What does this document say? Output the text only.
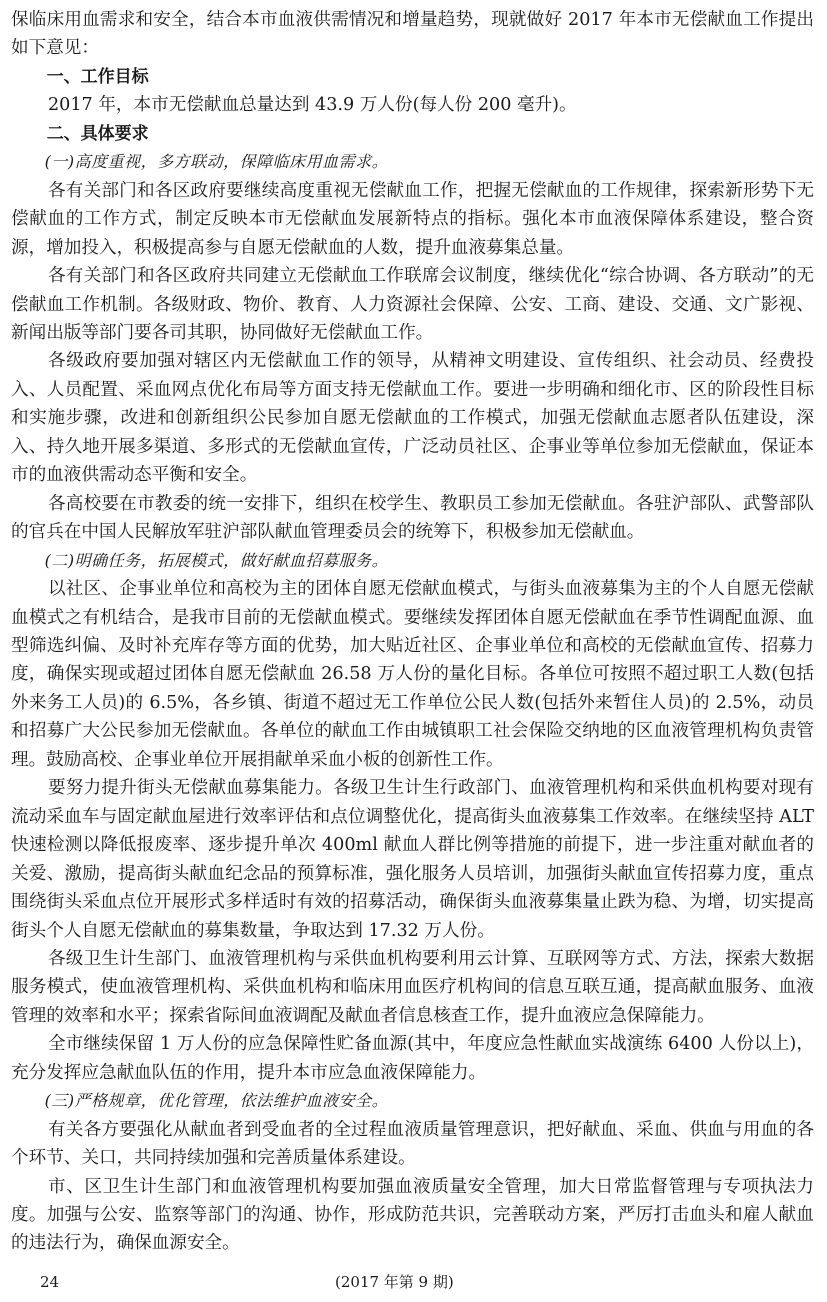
保临床用血需求和安全，结合本市血液供需情况和增量趋势，现就做好 2017 年本市无偿献血工作提出如下意见：

一、工作目标

2017 年，本市无偿献血总量达到 43.9 万人份(每人份 200 毫升)。

二、具体要求

(一)高度重视，多方联动，保障临床用血需求。

各有关部门和各区政府要继续高度重视无偿献血工作，把握无偿献血的工作规律，探索新形势下无偿献血的工作方式，制定反映本市无偿献血发展新特点的指标。强化本市血液保障体系建设，整合资源，增加投入，积极提高参与自愿无偿献血的人数，提升血液募集总量。

各有关部门和各区政府共同建立无偿献血工作联席会议制度，继续优化“综合协调、各方联动”的无偿献血工作机制。各级财政、物价、教育、人力资源社会保障、公安、工商、建设、交通、文广影视、新闻出版等部门要各司其职，协同做好无偿献血工作。

各级政府要加强对辖区内无偿献血工作的领导，从精神文明建设、宣传组织、社会动员、经费投入、人员配置、采血网点优化布局等方面支持无偿献血工作。要进一步明确和细化市、区的阶段性目标和实施步骤，改进和创新组织公民参加自愿无偿献血的工作模式，加强无偿献血志愿者队伍建设，深入、持久地开展多渠道、多形式的无偿献血宣传，广泛动员社区、企事业等单位参加无偿献血，保证本市的血液供需动态平衡和安全。

各高校要在市教委的统一安排下，组织在校学生、教职员工参加无偿献血。各驻沪部队、武警部队的官兵在中国人民解放军驻沪部队献血管理委员会的统筹下，积极参加无偿献血。

(二)明确任务，拓展模式，做好献血招募服务。

以社区、企事业单位和高校为主的团体自愿无偿献血模式，与街头血液募集为主的个人自愿无偿献血模式之有机结合，是我市目前的无偿献血模式。要继续发挥团体自愿无偿献血在季节性调配血源、血型筛选纠偏、及时补充库存等方面的优势，加大贴近社区、企事业单位和高校的无偿献血宣传、招募力度，确保实现或超过团体自愿无偿献血 26.58 万人份的量化目标。各单位可按照不超过职工人数(包括外来务工人员)的 6.5%，各乡镇、街道不超过无工作单位公民人数(包括外来暂住人员)的 2.5%，动员和招募广大公民参加无偿献血。各单位的献血工作由城镇职工社会保险交纳地的区血液管理机构负责管理。鼓励高校、企事业单位开展捐献单采血小板的创新性工作。

要努力提升街头无偿献血募集能力。各级卫生计生行政部门、血液管理机构和采供血机构要对现有流动采血车与固定献血屋进行效率评估和点位调整优化，提高街头血液募集工作效率。在继续坚持 ALT 快速检测以降低报废率、逐步提升单次 400ml 献血人群比例等措施的前提下，进一步注重对献血者的关爱、激励，提高街头献血纪念品的预算标准，强化服务人员培训，加强街头献血宣传招募力度，重点围绕街头采血点位开展形式多样适时有效的招募活动，确保街头血液募集量止跌为稳、为增，切实提高街头个人自愿无偿献血的募集数量，争取达到 17.32 万人份。

各级卫生计生部门、血液管理机构与采供血机构要利用云计算、互联网等方式、方法，探索大数据服务模式，使血液管理机构、采供血机构和临床用血医疗机构间的信息互联互通，提高献血服务、血液管理的效率和水平；探索省际间血液调配及献血者信息核查工作，提升血液应急保障能力。

全市继续保留 1 万人份的应急保障性贮备血源(其中，年度应急性献血实战演练 6400 人份以上)，充分发挥应急献血队伍的作用，提升本市应急血液保障能力。

(三)严格规章，优化管理，依法维护血液安全。

有关各方要强化从献血者到受血者的全过程血液质量管理意识，把好献血、采血、供血与用血的各个环节、关口，共同持续加强和完善质量体系建设。

市、区卫生计生部门和血液管理机构要加强血液质量安全管理，加大日常监督管理与专项执法力度。加强与公安、监察等部门的沟通、协作，形成防范共识，完善联动方案，严厉打击血头和雇人献血的违法行为，确保血源安全。

24	(2017 年第 9 期)
